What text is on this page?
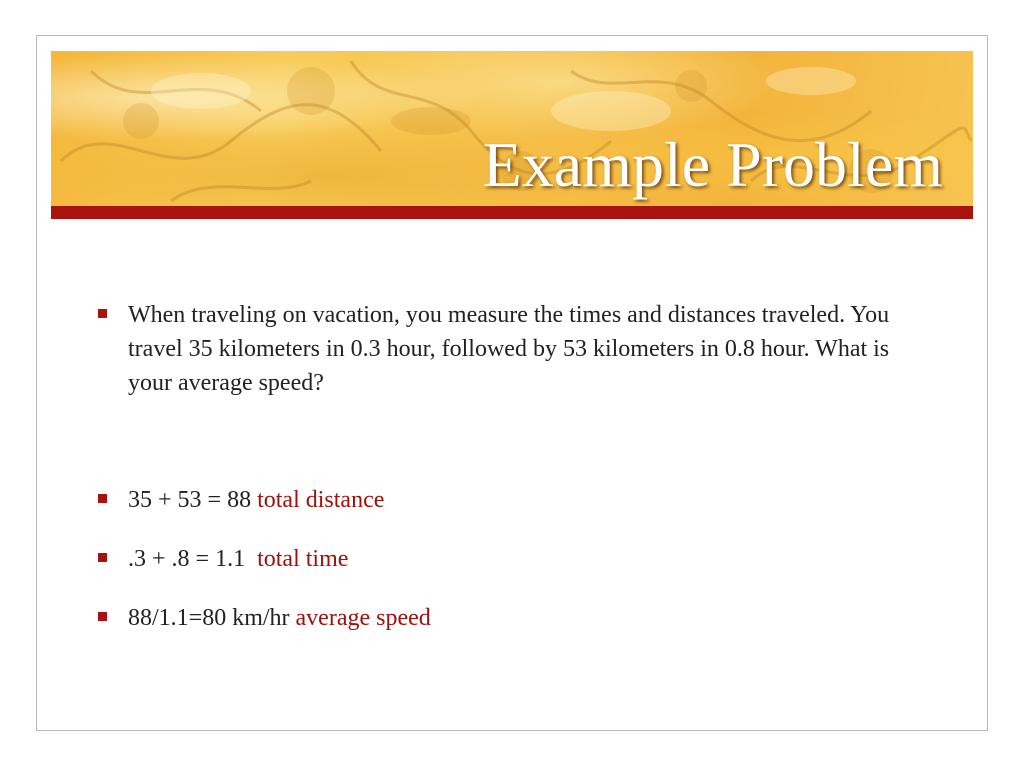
Example Problem
When traveling on vacation, you measure the times and distances traveled. You travel 35 kilometers in 0.3 hour, followed by 53 kilometers in 0.8 hour. What is your average speed?
35 + 53 = 88 total distance
.3 + .8 = 1.1  total time
88/1.1=80 km/hr average speed
